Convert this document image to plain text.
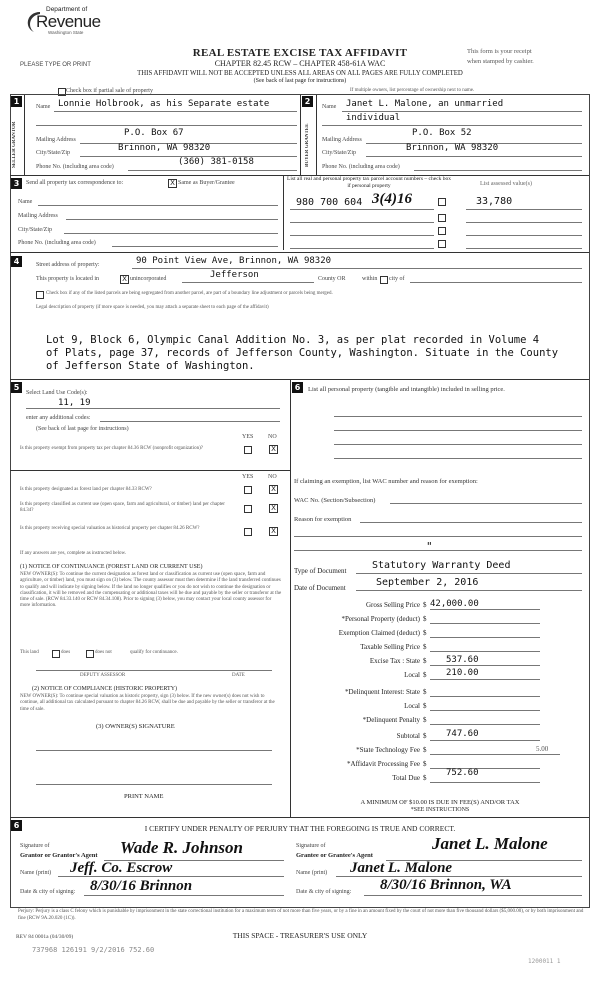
Department of
Revenue
Washington State
PLEASE TYPE OR PRINT
REAL ESTATE EXCISE TAX AFFIDAVIT
CHAPTER 82.45 RCW – CHAPTER 458-61A WAC
This form is your receipt
when stamped by cashier.
THIS AFFIDAVIT WILL NOT BE ACCEPTED UNLESS ALL AREAS ON ALL PAGES ARE FULLY COMPLETED
(See back of last page for instructions)
Check box if partial sale of property	If multiple owners, list percentage of ownership next to name.
1
SELLER GRANTOR
Name Lonnie Holbrook, as his Separate estate
Mailing Address
P.O. Box 67
City/State/Zip	Brinnon, WA 98320
Phone No. (including area code)	(360) 381-0158
2
BUYER GRANTEE
Name Janet L. Malone, an unmarried
individual
Mailing Address
P.O. Box 52
City/State/Zip	Brinnon, WA 98320
Phone No. (including area code)
3	Send all property tax correspondence to:	X Same as Buyer/Grantee
Name
Mailing Address
City/State/Zip
Phone No. (including area code)
List all real and personal property tax parcel account numbers – check box if personal property	List assessed value(s)
980 700 604 3(4)16	33,780
4	Street address of property:	90 Point View Ave, Brinnon, WA 98320
This property is located in	X unincorporated	Jefferson	County OR	within city of
Check box if any of the listed parcels are being segregated from another parcel, are part of a boundary line adjustment or parcels being merged.
Legal description of property (if more space is needed, you may attach a separate sheet to each page of the affidavit)
Lot 9, Block 6, Olympic Canal Addition No. 3, as per plat recorded in Volume 4
of Plats, page 37, records of Jefferson County, Washington. Situate in the County
of Jefferson State of Washington.
5
Select Land Use Code(s):
11, 19
enter any additional codes:
(See back of last page for instructions)
YES NO
Is this property exempt from property tax per chapter 84.36 RCW (nonprofit organization)?	X
YES NO
Is this property designated as forest land per chapter 84.33 RCW?	X
Is this property classified as current use (open space, farm and agricultural, or timber) land per chapter 84.34?	X
Is this property receiving special valuation as historical property per chapter 84.26 RCW?	X
If any answers are yes, complete as instructed below.
(1) NOTICE OF CONTINUANCE (FOREST LAND OR CURRENT USE)
NEW OWNER(S): To continue the current designation as forest land or classification as current use (open space, farm and agriculture, or timber) land, you must sign on (3) below. The county assessor must then determine if the land transferred continues to qualify and will indicate by signing below. If the land no longer qualifies or you do not wish to continue the designation or classification, it will be removed and the compensating or additional taxes will be due and payable by the seller or transferor at the time of sale. (RCW 84.33.140 or RCW 84.34.108). Prior to signing (3) below, you may contact your local county assessor for more information.
This land	does	does not	qualify for continuance.
DEPUTY ASSESSOR	DATE
(2) NOTICE OF COMPLIANCE (HISTORIC PROPERTY)
NEW OWNER(S): To continue special valuation as historic property, sign (3) below. If the new owner(s) does not wish to continue, all additional tax calculated pursuant to chapter 84.26 RCW, shall be due and payable by the seller or transferor at the time of sale.
(3) OWNER(S) SIGNATURE
PRINT NAME
6	List all personal property (tangible and intangible) included in selling price.
If claiming an exemption, list WAC number and reason for exemption:
WAC No. (Section/Subsection)
Reason for exemption
"
Type of Document	Statutory Warranty Deed
Date of Document	September 2, 2016
Gross Selling Price $ 42,000.00
*Personal Property (deduct) $
Exemption Claimed (deduct) $
Taxable Selling Price $
Excise Tax : State $ 537.60
Local $ 210.00
*Delinquent Interest: State $
Local $
*Delinquent Penalty $
Subtotal $ 747.60
*State Technology Fee $	5.00
*Affidavit Processing Fee $
Total Due $ 752.60
A MINIMUM OF $10.00 IS DUE IN FEE(S) AND/OR TAX
*SEE INSTRUCTIONS
6	I CERTIFY UNDER PENALTY OF PERJURY THAT THE FOREGOING IS TRUE AND CORRECT.
Signature of
Grantor or Grantor's Agent Wade R. Johnson
Name (print) Jeff. Co. Escrow
Date & city of signing: 8/30/16 Brinnon
Signature of
Grantee or Grantee's Agent
Janet L. Malone
Name (print) Janet L. Malone
Date & city of signing: 8/30/16 Brinnon, WA
Perjury: Perjury is a class C felony which is punishable by imprisonment in the state correctional institution for a maximum term of not more than five years, or by a fine in an amount fixed by the court of not more than five thousand dollars ($5,000.00), or by both imprisonment and fine (RCW 9A.20.020 (1C)).
REV 84 0001a (04/30/09)	THIS SPACE - TREASURER'S USE ONLY
737968 126191 9/2/2016 752.60
1200011 1
